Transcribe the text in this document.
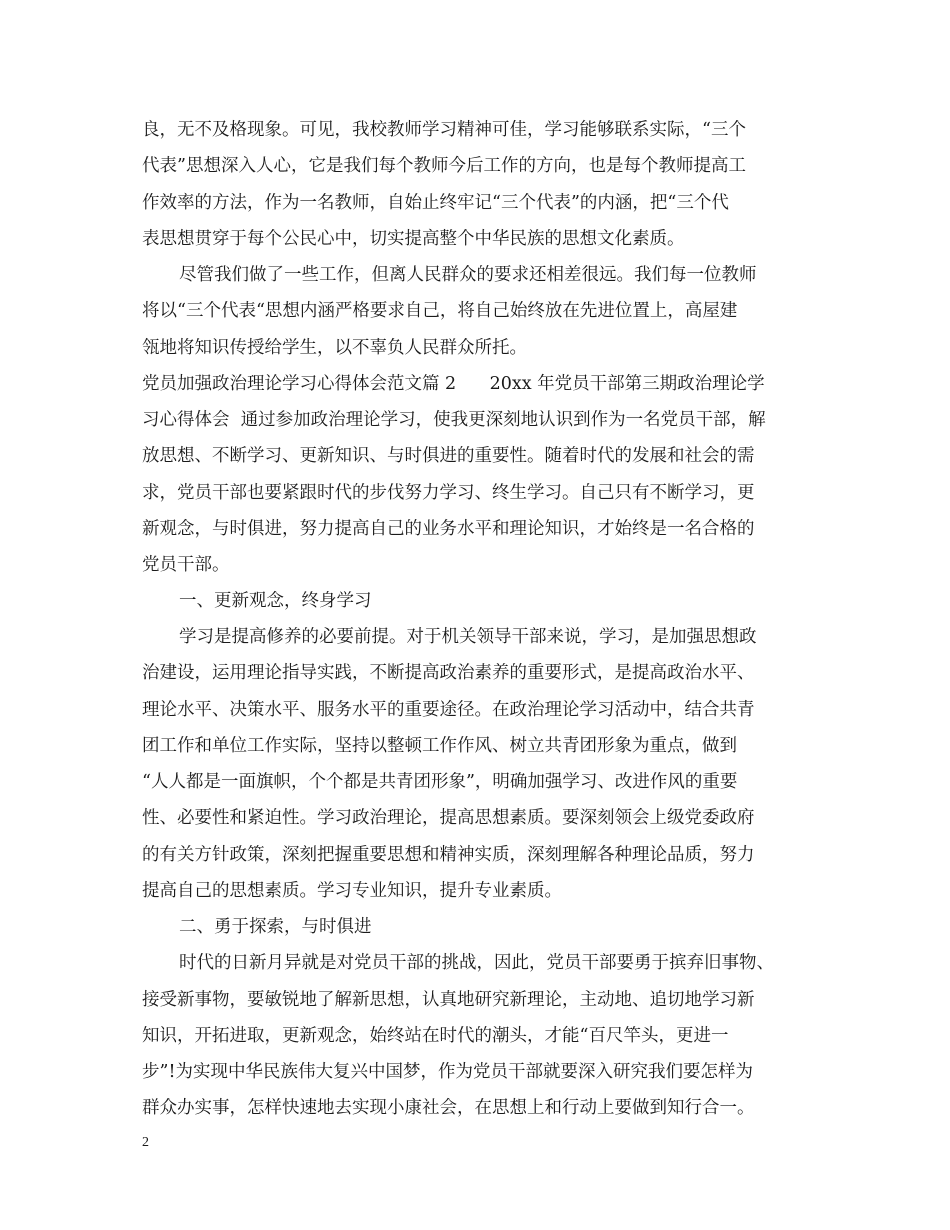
良，无不及格现象。可见，我校教师学习精神可佳，学习能够联系实际，“三个
代表”思想深入人心，它是我们每个教师今后工作的方向，也是每个教师提高工
作效率的方法，作为一名教师，自始止终牢记“三个代表”的内涵，把“三个代
表思想贯穿于每个公民心中，切实提高整个中华民族的思想文化素质。
尽管我们做了一些工作，但离人民群众的要求还相差很远。我们每一位教师
将以“三个代表“思想内涵严格要求自己，将自己始终放在先进位置上，高屋建
瓴地将知识传授给学生，以不辜负人民群众所托。
党员加强政治理论学习心得体会范文篇 2      20xx 年党员干部第三期政治理论学
习心得体会  通过参加政治理论学习，使我更深刻地认识到作为一名党员干部，解
放思想、不断学习、更新知识、与时俱进的重要性。随着时代的发展和社会的需
求，党员干部也要紧跟时代的步伐努力学习、终生学习。自己只有不断学习，更
新观念，与时俱进，努力提高自己的业务水平和理论知识，才始终是一名合格的
党员干部。
一、更新观念，终身学习
学习是提高修养的必要前提。对于机关领导干部来说，学习，是加强思想政
治建设，运用理论指导实践，不断提高政治素养的重要形式，是提高政治水平、
理论水平、决策水平、服务水平的重要途径。在政治理论学习活动中，结合共青
团工作和单位工作实际，坚持以整顿工作作风、树立共青团形象为重点，做到
“人人都是一面旗帜，个个都是共青团形象”，明确加强学习、改进作风的重要
性、必要性和紧迫性。学习政治理论，提高思想素质。要深刻领会上级党委政府
的有关方针政策，深刻把握重要思想和精神实质，深刻理解各种理论品质，努力
提高自己的思想素质。学习专业知识，提升专业素质。
二、勇于探索，与时俱进
时代的日新月异就是对党员干部的挑战，因此，党员干部要勇于摈弃旧事物、
接受新事物，要敏锐地了解新思想，认真地研究新理论，主动地、追切地学习新
知识，开拓进取，更新观念，始终站在时代的潮头，才能“百尺竿头，更进一
步”!为实现中华民族伟大复兴中国梦，作为党员干部就要深入研究我们要怎样为
群众办实事，怎样快速地去实现小康社会，在思想上和行动上要做到知行合一。
2
